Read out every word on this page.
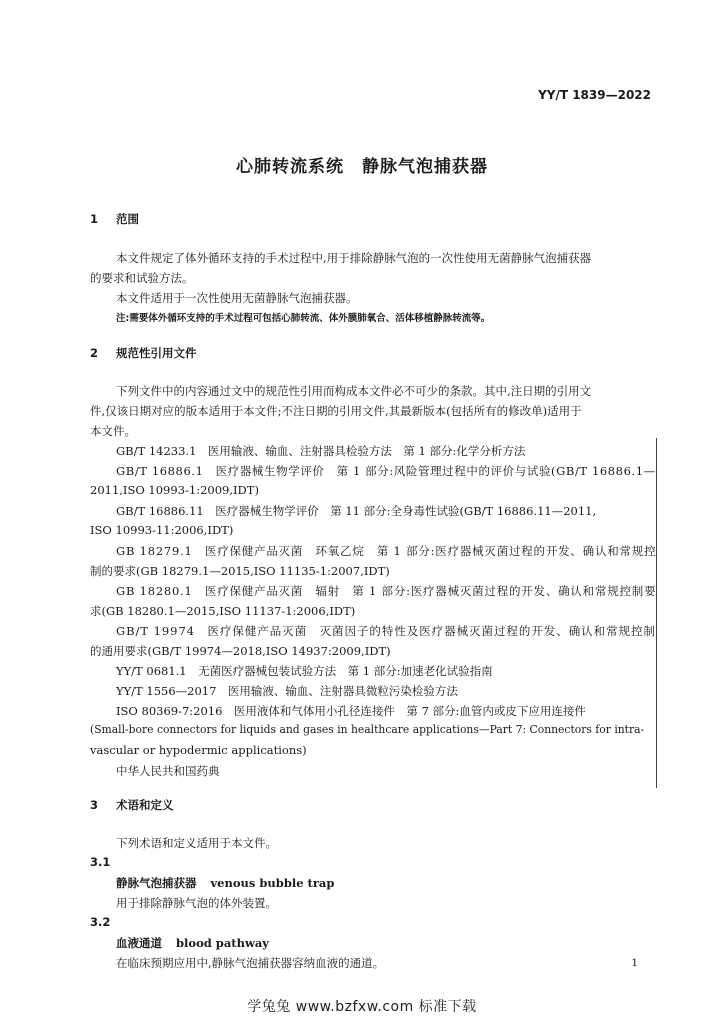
YY/T 1839—2022
心肺转流系统　静脉气泡捕获器
1 范围
本文件规定了体外循环支持的手术过程中,用于排除静脉气泡的一次性使用无菌静脉气泡捕获器
的要求和试验方法。
本文件适用于一次性使用无菌静脉气泡捕获器。
注:需要体外循环支持的手术过程可包括心肺转流、体外膜肺氧合、活体移植静脉转流等。
2 规范性引用文件
下列文件中的内容通过文中的规范性引用而构成本文件必不可少的条款。其中,注日期的引用文
件,仅该日期对应的版本适用于本文件;不注日期的引用文件,其最新版本(包括所有的修改单)适用于
本文件。
GB/T 14233.1　医用输液、输血、注射器具检验方法　第 1 部分:化学分析方法
GB/T 16886.1　医疗器械生物学评价　第 1 部分:风险管理过程中的评价与试验(GB/T 16886.1—
2011,ISO 10993-1:2009,IDT)
GB/T 16886.11　医疗器械生物学评价　第 11 部分:全身毒性试验(GB/T 16886.11—2011,
ISO 10993-11:2006,IDT)
GB 18279.1　医疗保健产品灭菌　环氧乙烷　第 1 部分:医疗器械灭菌过程的开发、确认和常规控
制的要求(GB 18279.1—2015,ISO 11135-1:2007,IDT)
GB 18280.1　医疗保健产品灭菌　辐射　第 1 部分:医疗器械灭菌过程的开发、确认和常规控制要
求(GB 18280.1—2015,ISO 11137-1:2006,IDT)
GB/T 19974　医疗保健产品灭菌　灭菌因子的特性及医疗器械灭菌过程的开发、确认和常规控制
的通用要求(GB/T 19974—2018,ISO 14937:2009,IDT)
YY/T 0681.1　无菌医疗器械包装试验方法　第 1 部分:加速老化试验指南
YY/T 1556—2017　医用输液、输血、注射器具微粒污染检验方法
ISO 80369-7:2016　医用液体和气体用小孔径连接件　第 7 部分:血管内或皮下应用连接件
(Small-bore connectors for liquids and gases in healthcare applications—Part 7: Connectors for intra-
vascular or hypodermic applications)
中华人民共和国药典
3 术语和定义
下列术语和定义适用于本文件。
3.1
静脉气泡捕获器 venous bubble trap
用于排除静脉气泡的体外装置。
3.2
血液通道 blood pathway
在临床预期应用中,静脉气泡捕获器容纳血液的通道。	1
学兔兔 www.bzfxw.com 标准下载
